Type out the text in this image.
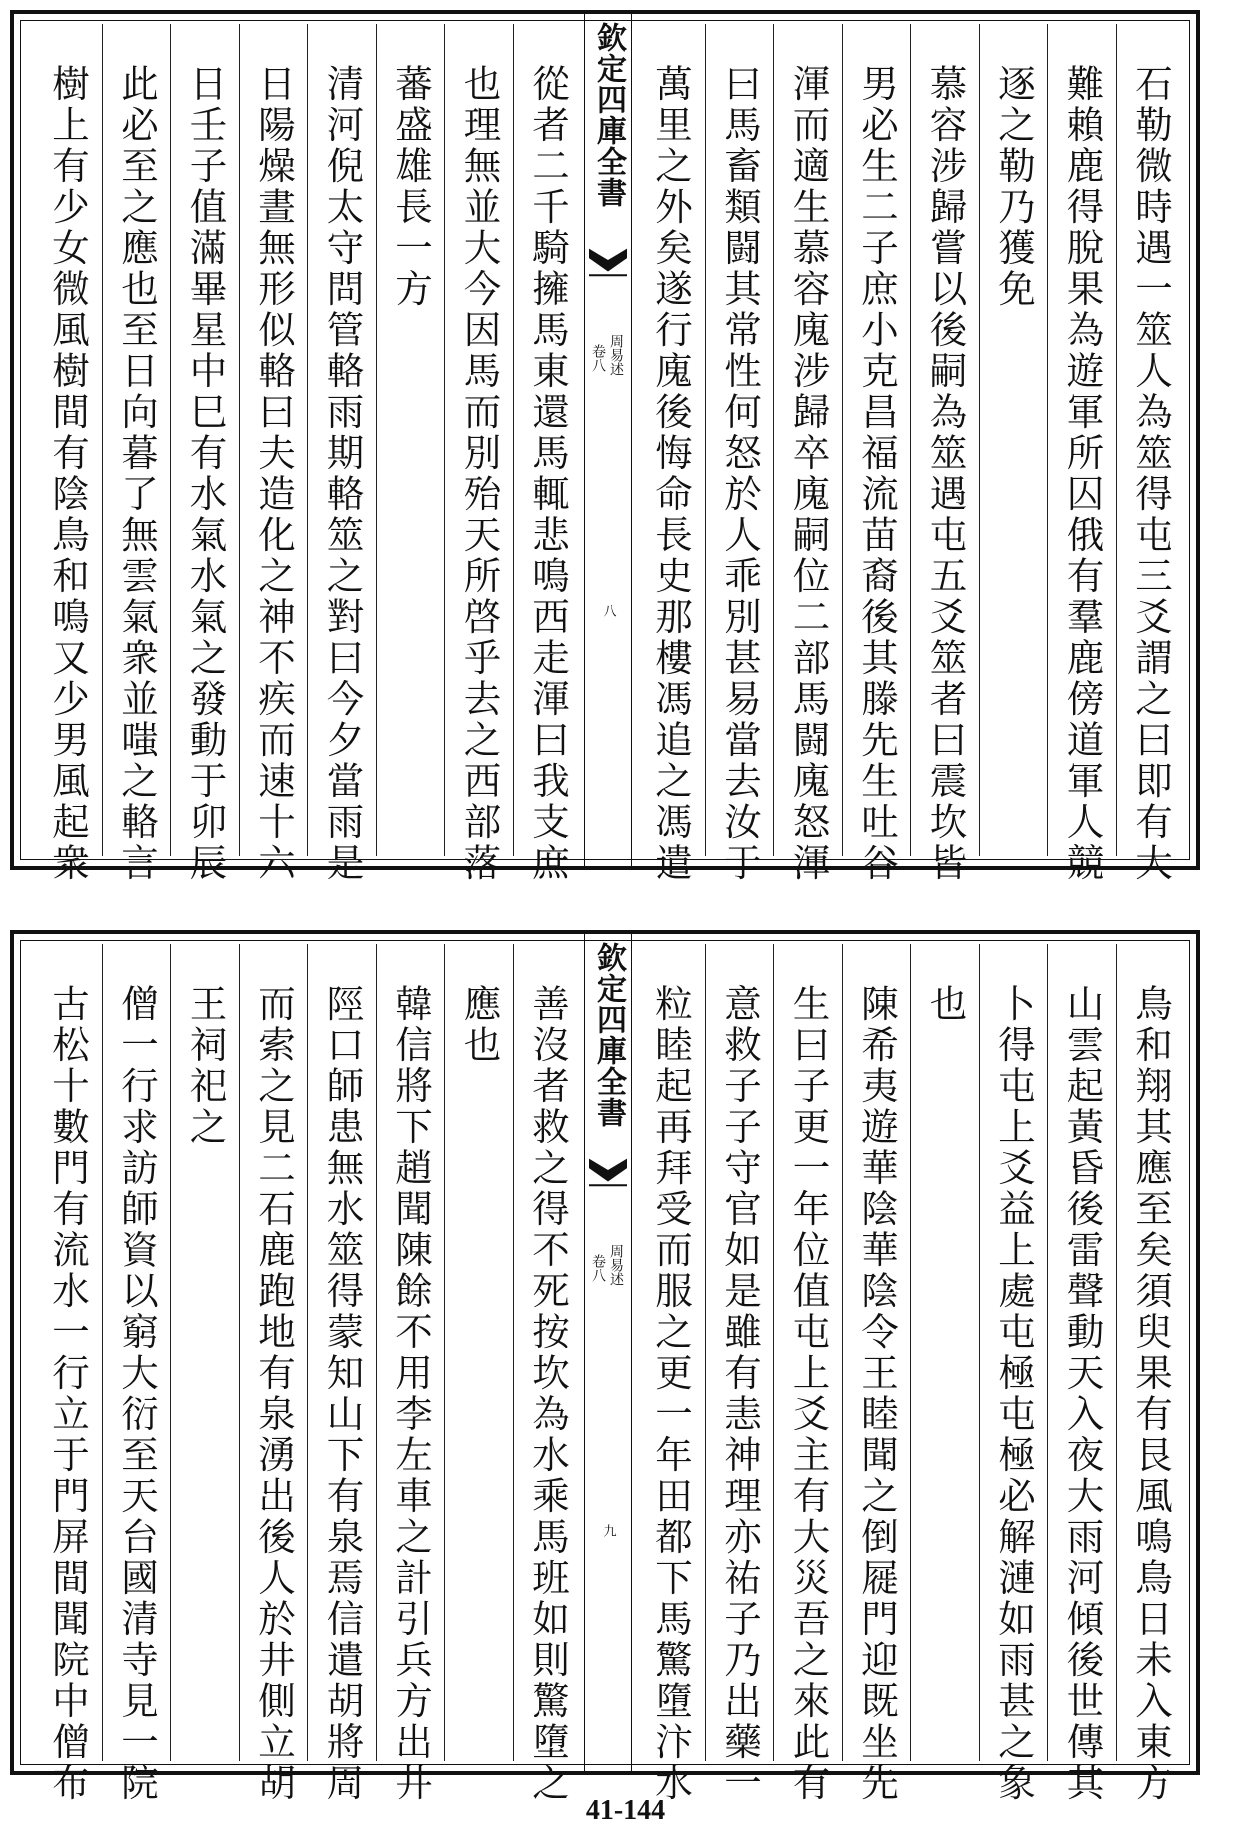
石勒微時遇一筮人為筮得屯三爻謂之曰即有大
難賴鹿得脫果為遊軍所囚俄有羣鹿傍道軍人競
逐之勒乃獲免
慕容涉歸嘗以後嗣為筮遇屯五爻筮者曰震坎皆
男必生二子庶小克昌福流苗裔後其滕先生吐谷
渾而適生慕容廆涉歸卒廆嗣位二部馬闘廆怒渾
曰馬畜類闘其常性何怒於人乖別甚易當去汝于
萬里之外矣遂行廆後悔命長史那樓馮追之馮遣
欽定四庫全書
周易述
卷八
八
從者二千騎擁馬東還馬輒悲鳴西走渾曰我支庶
也理無並大今因馬而別殆天所啓乎去之西部落
蕃盛雄長一方
清河倪太守問管輅雨期輅筮之對曰今夕當雨是
日陽燥晝無形似輅曰夫造化之神不疾而速十六
日壬子值滿畢星中巳有水氣水氣之發動于卯辰
此必至之應也至日向暮了無雲氣衆並嗤之輅言
樹上有少女微風樹間有陰鳥和鳴又少男風起衆
鳥和翔其應至矣須臾果有艮風鳴鳥日未入東方
山雲起黃昏後雷聲動天入夜大雨河傾後世傳其
卜得屯上爻益上處屯極屯極必解漣如雨甚之象
也
陳希夷遊華陰華陰令王睦聞之倒屣門迎既坐先
生曰子更一年位值屯上爻主有大災吾之來此有
意救子子守官如是雖有恚神理亦祐子乃出藥一
粒睦起再拜受而服之更一年田都下馬驚墮汴水
欽定四庫全書
周易述
卷八
九
善沒者救之得不死按坎為水乘馬班如則驚墮之
應也
韓信將下趙聞陳餘不用李左車之計引兵方出井
陘口師患無水筮得蒙知山下有泉焉信遣胡將周
而索之見二石鹿跑地有泉湧出後人於井側立胡
王祠祀之
僧一行求訪師資以窮大衍至天台國清寺見一院
古松十數門有流水一行立于門屏間聞院中僧布
41-144
